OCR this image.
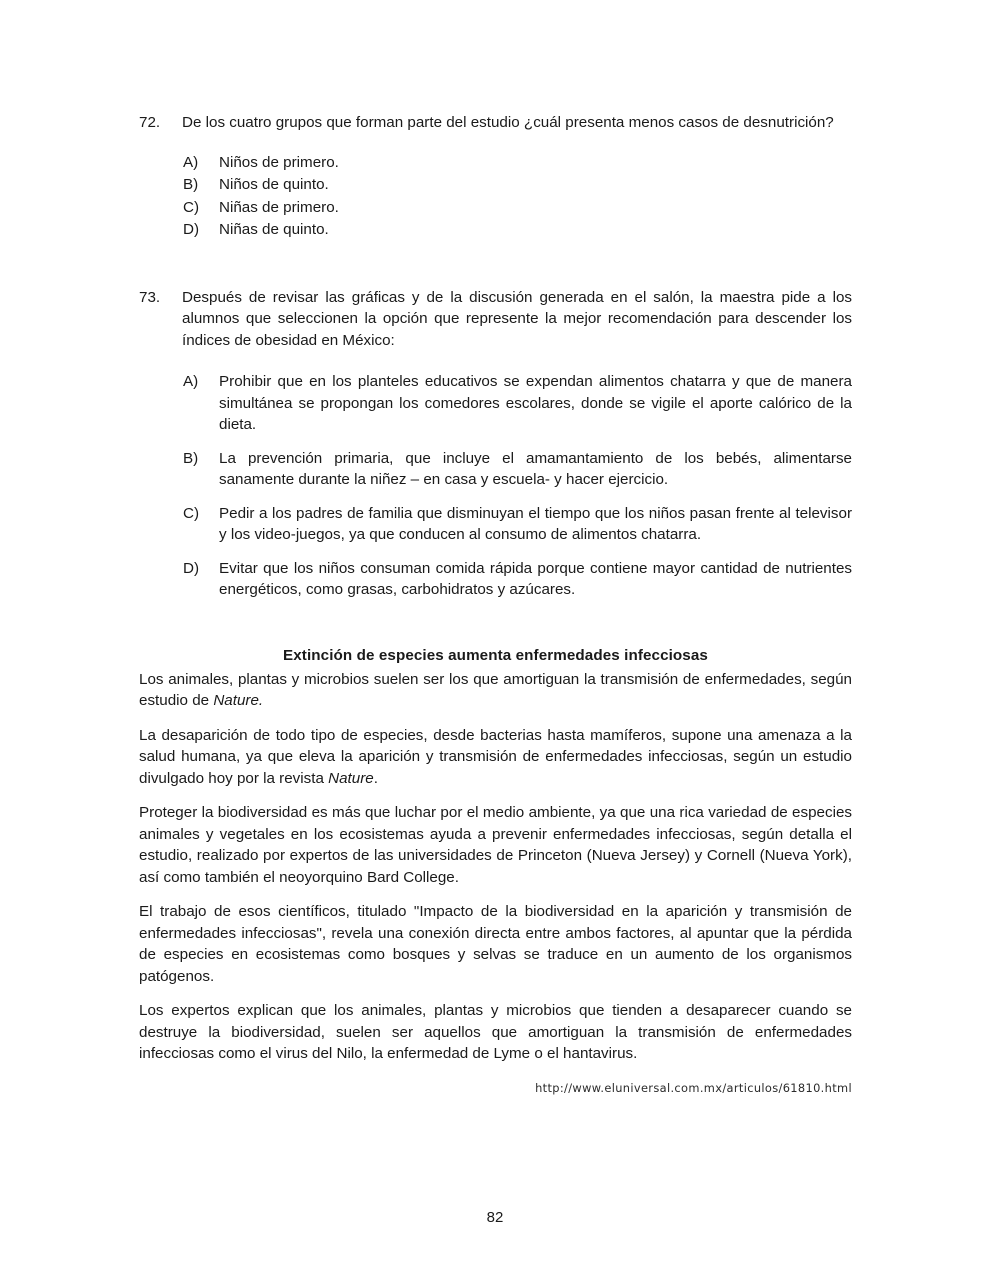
72.	De los cuatro grupos que forman parte del estudio ¿cuál presenta menos casos de desnutrición?
A)	Niños de primero.
B)	Niños de quinto.
C)	Niñas de primero.
D)	Niñas de quinto.
73.	Después de revisar las gráficas y de la discusión generada en el salón, la maestra pide a los alumnos que seleccionen la opción que represente la mejor recomendación para descender los índices de obesidad en México:
A)	Prohibir que en los planteles educativos se expendan alimentos chatarra y que de manera simultánea se propongan los comedores escolares, donde se vigile el aporte calórico de la dieta.
B)	La prevención primaria, que incluye el amamantamiento de los bebés, alimentarse sanamente durante la niñez – en casa y escuela- y hacer ejercicio.
C)	Pedir a los padres de familia que disminuyan el tiempo que los niños pasan frente al televisor y los video-juegos, ya que conducen al consumo de alimentos chatarra.
D)	Evitar que los niños consuman comida rápida porque contiene mayor cantidad de nutrientes energéticos, como grasas, carbohidratos y azúcares.
Extinción de especies aumenta enfermedades infecciosas

Los animales, plantas y microbios suelen ser los que amortiguan la transmisión de enfermedades, según estudio de Nature.

La desaparición de todo tipo de especies, desde bacterias hasta mamíferos, supone una amenaza a la salud humana, ya que eleva la aparición y transmisión de enfermedades infecciosas, según un estudio divulgado hoy por la revista Nature.

Proteger la biodiversidad es más que luchar por el medio ambiente, ya que una rica variedad de especies animales y vegetales en los ecosistemas ayuda a prevenir enfermedades infecciosas, según detalla el estudio, realizado por expertos de las universidades de Princeton (Nueva Jersey) y Cornell (Nueva York), así como también el neoyorquino Bard College.

El trabajo de esos científicos, titulado "Impacto de la biodiversidad en la aparición y transmisión de enfermedades infecciosas", revela una conexión directa entre ambos factores, al apuntar que la pérdida de especies en ecosistemas como bosques y selvas se traduce en un aumento de los organismos patógenos.

Los expertos explican que los animales, plantas y microbios que tienden a desaparecer cuando se destruye la biodiversidad, suelen ser aquellos que amortiguan la transmisión de enfermedades infecciosas como el virus del Nilo, la enfermedad de Lyme o el hantavirus.

http://www.eluniversal.com.mx/articulos/61810.html
82
